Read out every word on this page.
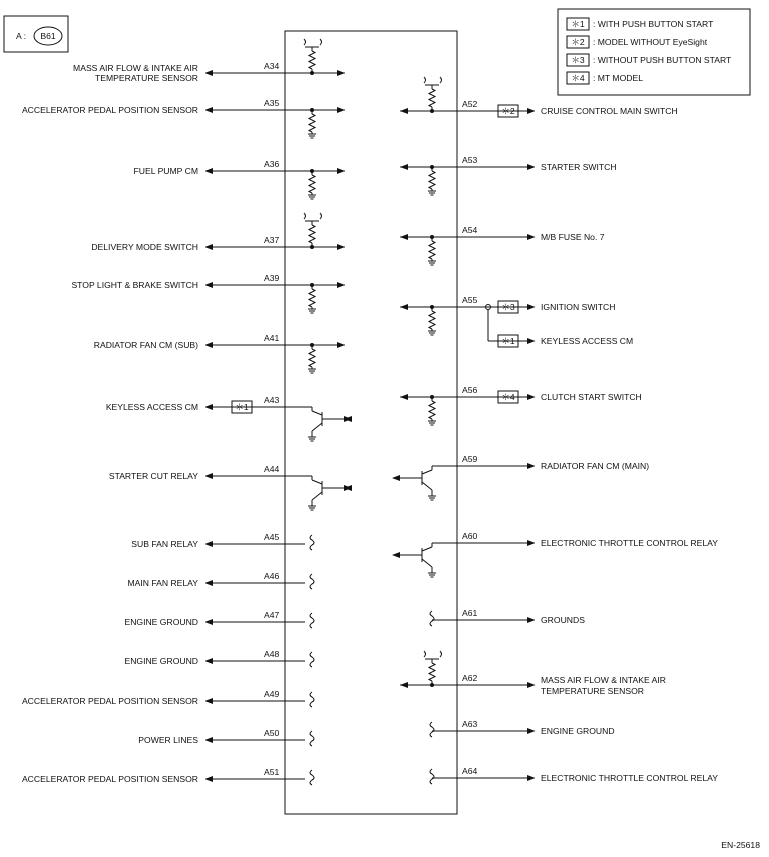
A : B61
＊1 : WITH PUSH BUTTON START
＊2 : MODEL WITHOUT EyeSight
＊3 : WITHOUT PUSH BUTTON START
＊4 : MT MODEL
A34
MASS AIR FLOW & INTAKE AIR
TEMPERATURE SENSOR
A35
ACCELERATOR PEDAL POSITION SENSOR
A36
FUEL PUMP CM
A37
DELIVERY MODE SWITCH
A39
STOP LIGHT & BRAKE SWITCH
A41
RADIATOR FAN CM (SUB)
A43
KEYLESS ACCESS CM	＊1
A44
STARTER CUT RELAY
A45
SUB FAN RELAY
A46
MAIN FAN RELAY
A47
ENGINE GROUND
A48
ENGINE GROUND
A49
ACCELERATOR PEDAL POSITION SENSOR
A50
POWER LINES
A51
ACCELERATOR PEDAL POSITION SENSOR
A52
CRUISE CONTROL MAIN SWITCH
＊2
A53
STARTER SWITCH
A54
M/B FUSE No. 7
A55
IGNITION SWITCH
＊3
＊1	KEYLESS ACCESS CM
A56
CLUTCH START SWITCH
＊4
A59
RADIATOR FAN CM (MAIN)
A60
ELECTRONIC THROTTLE CONTROL RELAY
A61
GROUNDS
A62	MASS AIR FLOW & INTAKE AIR
TEMPERATURE SENSOR
A63
ENGINE GROUND
A64
ELECTRONIC THROTTLE CONTROL RELAY
EN-25618
